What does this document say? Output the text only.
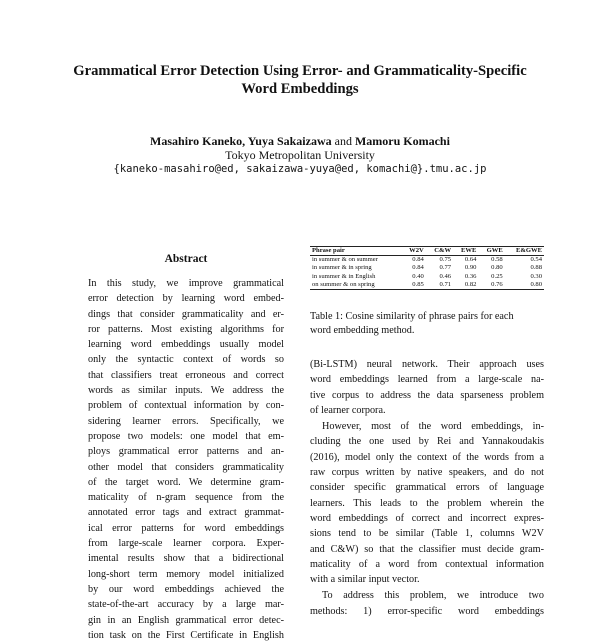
Grammatical Error Detection Using Error- and Grammaticality-Specific
Word Embeddings
Masahiro Kaneko, Yuya Sakaizawa and Mamoru Komachi
Tokyo Metropolitan University
{kaneko-masahiro@ed, sakaizawa-yuya@ed, komachi@}.tmu.ac.jp
Abstract
In this study, we improve grammatical
error detection by learning word embed-
dings that consider grammaticality and er-
ror patterns. Most existing algorithms for
learning word embeddings usually model
only the syntactic context of words so
that classifiers treat erroneous and correct
words as similar inputs. We address the
problem of contextual information by con-
sidering learner errors. Specifically, we
propose two models: one model that em-
ploys grammatical error patterns and an-
other model that considers grammaticality
of the target word. We determine gram-
maticality of n-gram sequence from the
annotated error tags and extract grammat-
ical error patterns for word embeddings
from large-scale learner corpora. Exper-
imental results show that a bidirectional
long-short term memory model initialized
by our word embeddings achieved the
state-of-the-art accuracy by a large mar-
gin in an English grammatical error detec-
tion task on the First Certificate in English
Phrase pair	W2V	C&W	EWE	GWE	E&GWE
in summer & on summer	0.84	0.75	0.64	0.58	0.54
in summer & in spring	0.84	0.77	0.90	0.80	0.88
in summer & in English	0.40	0.46	0.36	0.25	0.30
on summer & on spring	0.85	0.71	0.82	0.76	0.80
Table 1: Cosine similarity of phrase pairs for each
word embedding method.
(Bi-LSTM) neural network. Their approach uses
word embeddings learned from a large-scale na-
tive corpus to address the data sparseness problem
of learner corpora.
However, most of the word embeddings, in-
cluding the one used by Rei and Yannakoudakis
(2016), model only the context of the words from a
raw corpus written by native speakers, and do not
consider specific grammatical errors of language
learners. This leads to the problem wherein the
word embeddings of correct and incorrect expres-
sions tend to be similar (Table 1, columns W2V
and C&W) so that the classifier must decide gram-
maticality of a word from contextual information
with a similar input vector.
To address this problem, we introduce two
methods: 1) error-specific word embeddings
